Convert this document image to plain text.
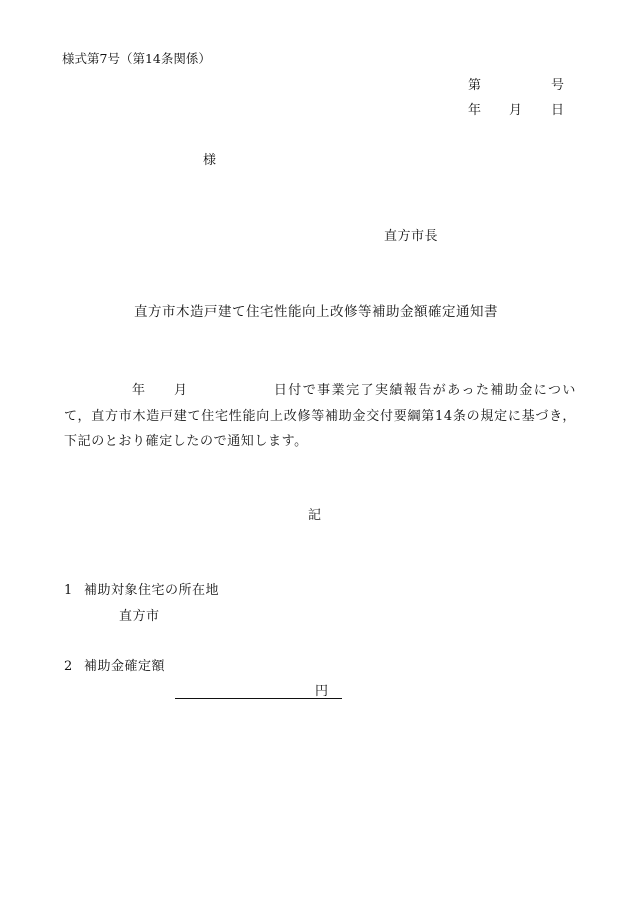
様式第7号（第14条関係）
第	号
年 月 日
様
直方市長
直方市木造戸建て住宅性能向上改修等補助金額確定通知書
年 月	日付で事業完了実績報告があった補助金について，直方市木造戸建て住宅性能向上改修等補助金交付要綱第14条の規定に基づき，下記のとおり確定したので通知します。
記
1 補助対象住宅の所在地
直方市
2 補助金確定額
円
